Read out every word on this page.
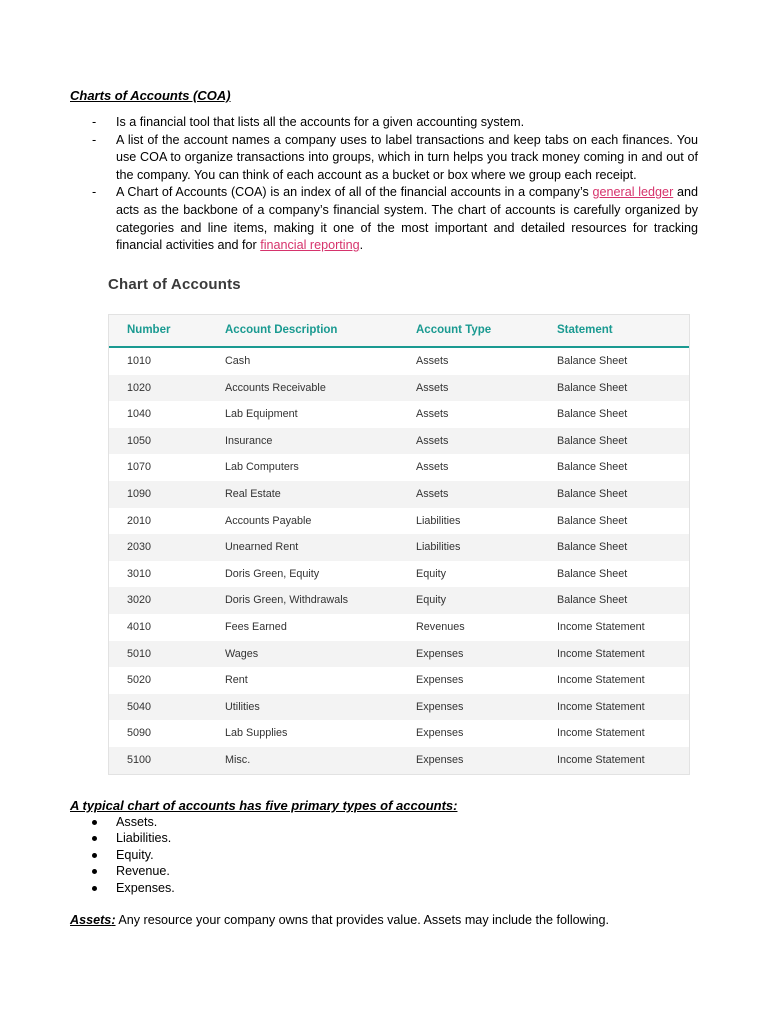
Charts of Accounts (COA)
- Is a financial tool that lists all the accounts for a given accounting system.
- A list of the account names a company uses to label transactions and keep tabs on each finances. You use COA to organize transactions into groups, which in turn helps you track money coming in and out of the company. You can think of each account as a bucket or box where we group each receipt.
- A Chart of Accounts (COA) is an index of all of the financial accounts in a company’s general ledger and acts as the backbone of a company’s financial system. The chart of accounts is carefully organized by categories and line items, making it one of the most important and detailed resources for tracking financial activities and for financial reporting.
Chart of Accounts
Number	Account Description	Account Type	Statement
1010	Cash	Assets	Balance Sheet
1020	Accounts Receivable	Assets	Balance Sheet
1040	Lab Equipment	Assets	Balance Sheet
1050	Insurance	Assets	Balance Sheet
1070	Lab Computers	Assets	Balance Sheet
1090	Real Estate	Assets	Balance Sheet
2010	Accounts Payable	Liabilities	Balance Sheet
2030	Unearned Rent	Liabilities	Balance Sheet
3010	Doris Green, Equity	Equity	Balance Sheet
3020	Doris Green, Withdrawals	Equity	Balance Sheet
4010	Fees Earned	Revenues	Income Statement
5010	Wages	Expenses	Income Statement
5020	Rent	Expenses	Income Statement
5040	Utilities	Expenses	Income Statement
5090	Lab Supplies	Expenses	Income Statement
5100	Misc.	Expenses	Income Statement
A typical chart of accounts has five primary types of accounts:
Assets.
Liabilities.
Equity.
Revenue.
Expenses.
Assets: Any resource your company owns that provides value. Assets may include the following.
